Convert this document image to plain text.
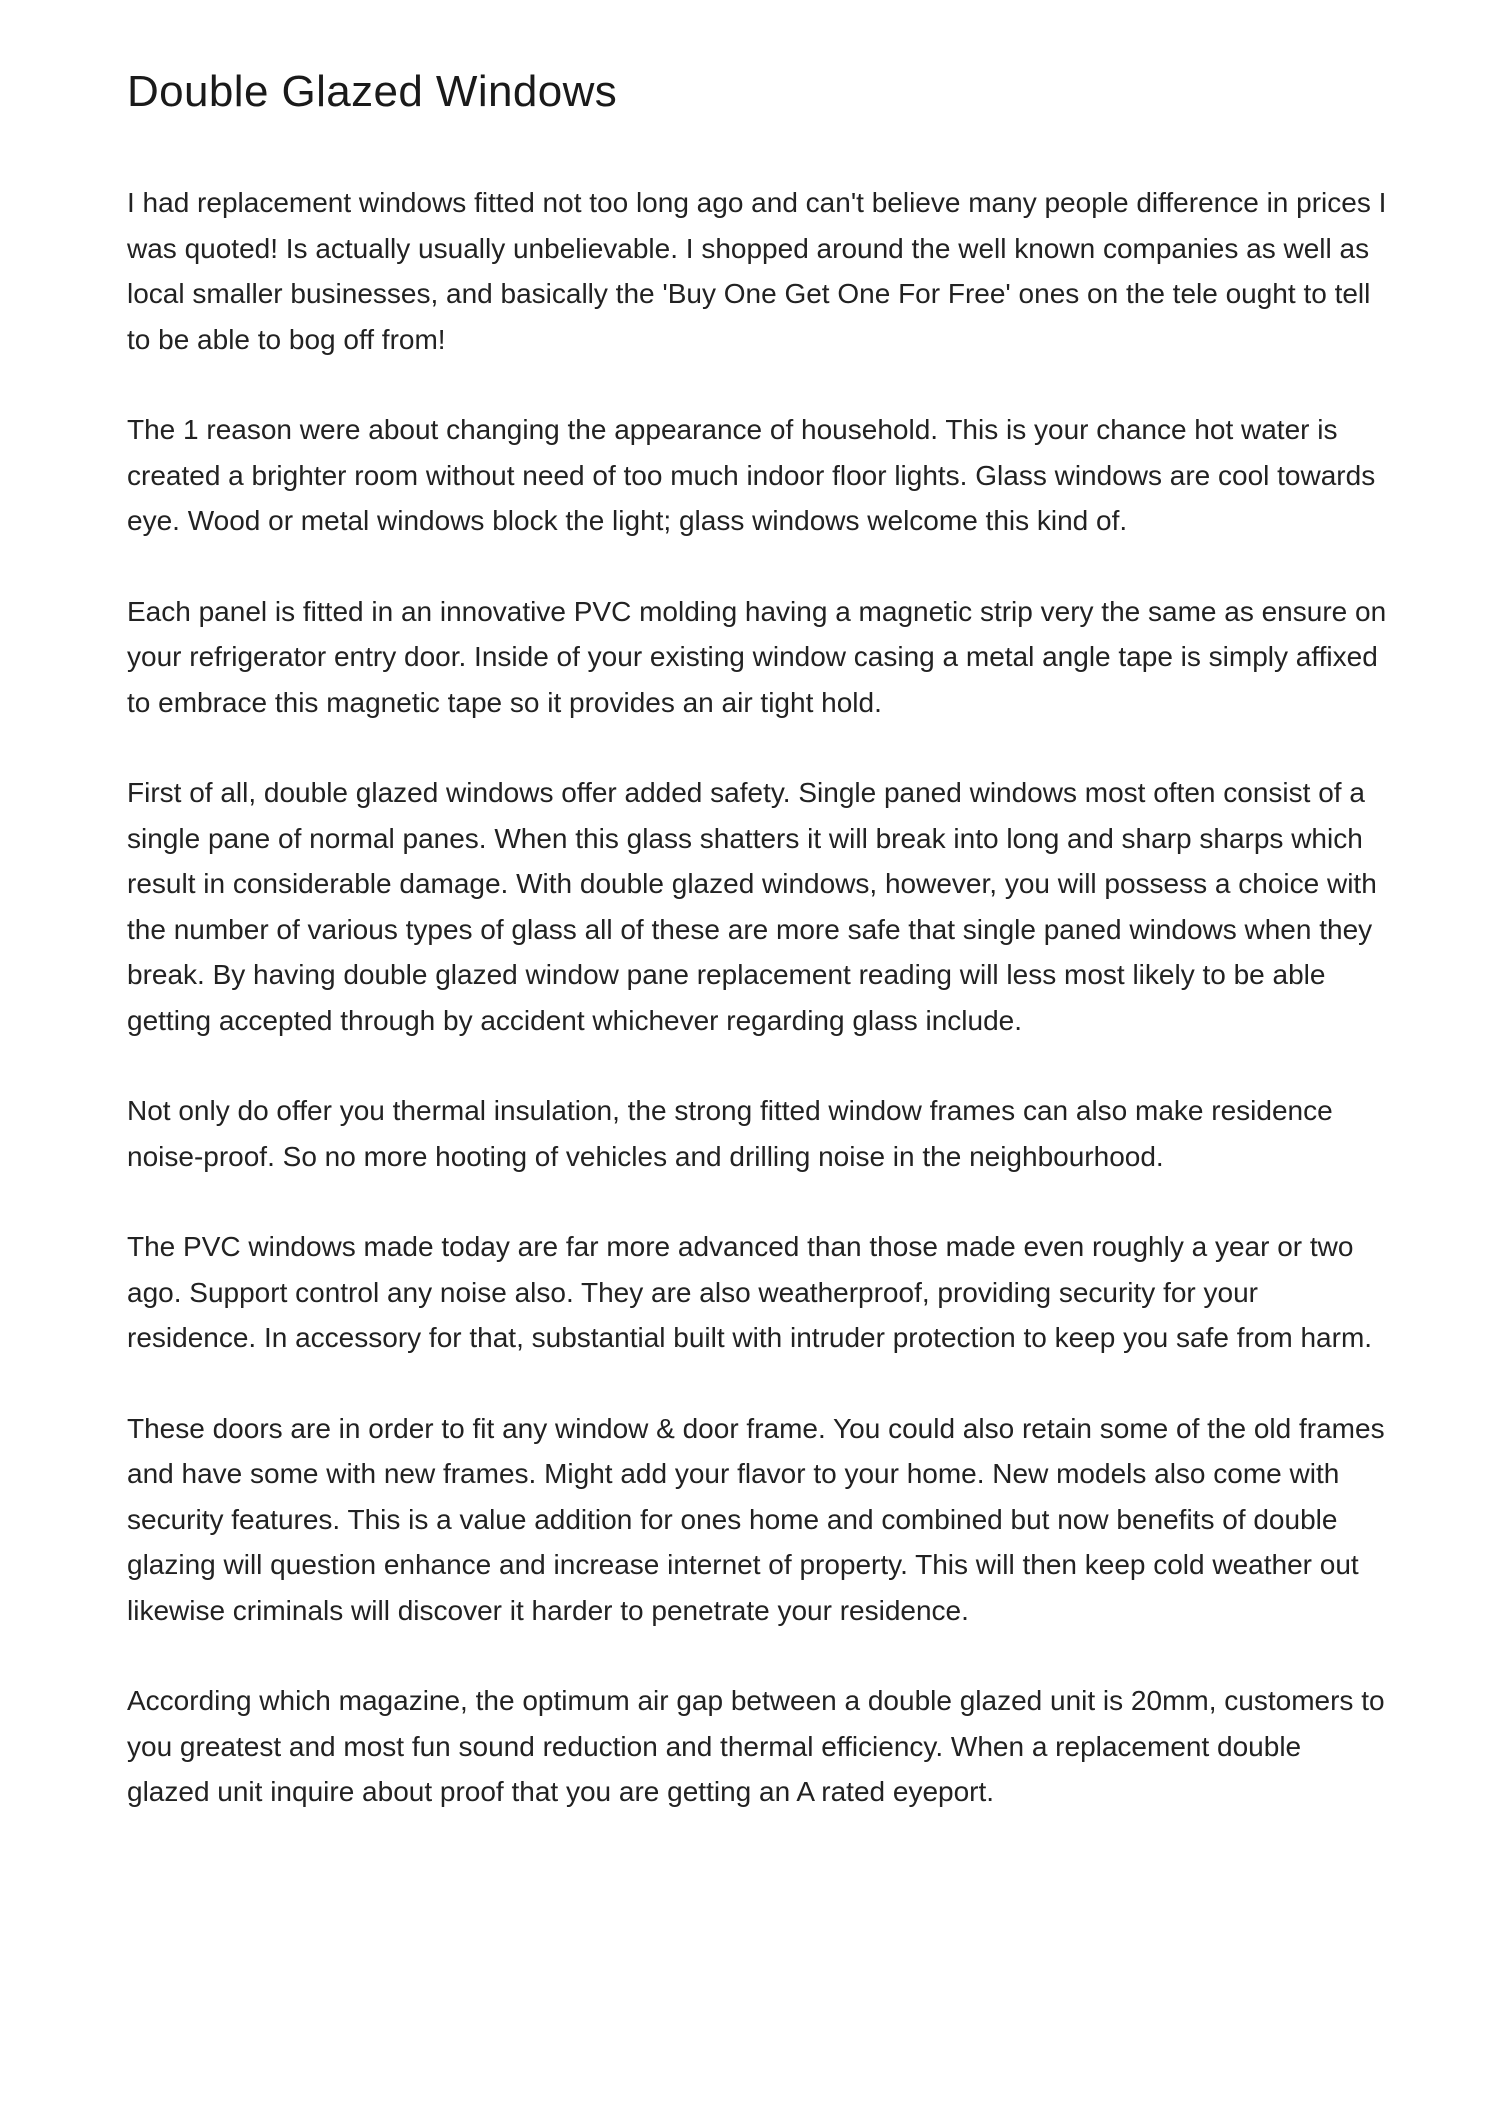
Double Glazed Windows

I had replacement windows fitted not too long ago and can't believe many people difference in prices I was quoted! Is actually usually unbelievable. I shopped around the well known companies as well as local smaller businesses, and basically the 'Buy One Get One For Free' ones on the tele ought to tell to be able to bog off from!

The 1 reason were about changing the appearance of household. This is your chance hot water is created a brighter room without need of too much indoor floor lights. Glass windows are cool towards eye. Wood or metal windows block the light; glass windows welcome this kind of.

Each panel is fitted in an innovative PVC molding having a magnetic strip very the same as ensure on your refrigerator entry door. Inside of your existing window casing a metal angle tape is simply affixed to embrace this magnetic tape so it provides an air tight hold.

First of all, double glazed windows offer added safety. Single paned windows most often consist of a single pane of normal panes. When this glass shatters it will break into long and sharp sharps which result in considerable damage. With double glazed windows, however, you will possess a choice with the number of various types of glass all of these are more safe that single paned windows when they break. By having double glazed window pane replacement reading will less most likely to be able getting accepted through by accident whichever regarding glass include.

Not only do offer you thermal insulation, the strong fitted window frames can also make residence noise-proof. So no more hooting of vehicles and drilling noise in the neighbourhood.

The PVC windows made today are far more advanced than those made even roughly a year or two ago. Support control any noise also. They are also weatherproof, providing security for your residence. In accessory for that, substantial built with intruder protection to keep you safe from harm.

These doors are in order to fit any window & door frame. You could also retain some of the old frames and have some with new frames. Might add your flavor to your home. New models also come with security features. This is a value addition for ones home and combined but now benefits of double glazing will question enhance and increase internet of property. This will then keep cold weather out likewise criminals will discover it harder to penetrate your residence.

According which magazine, the optimum air gap between a double glazed unit is 20mm, customers to you greatest and most fun sound reduction and thermal efficiency. When a replacement double glazed unit inquire about proof that you are getting an A rated eyeport.
